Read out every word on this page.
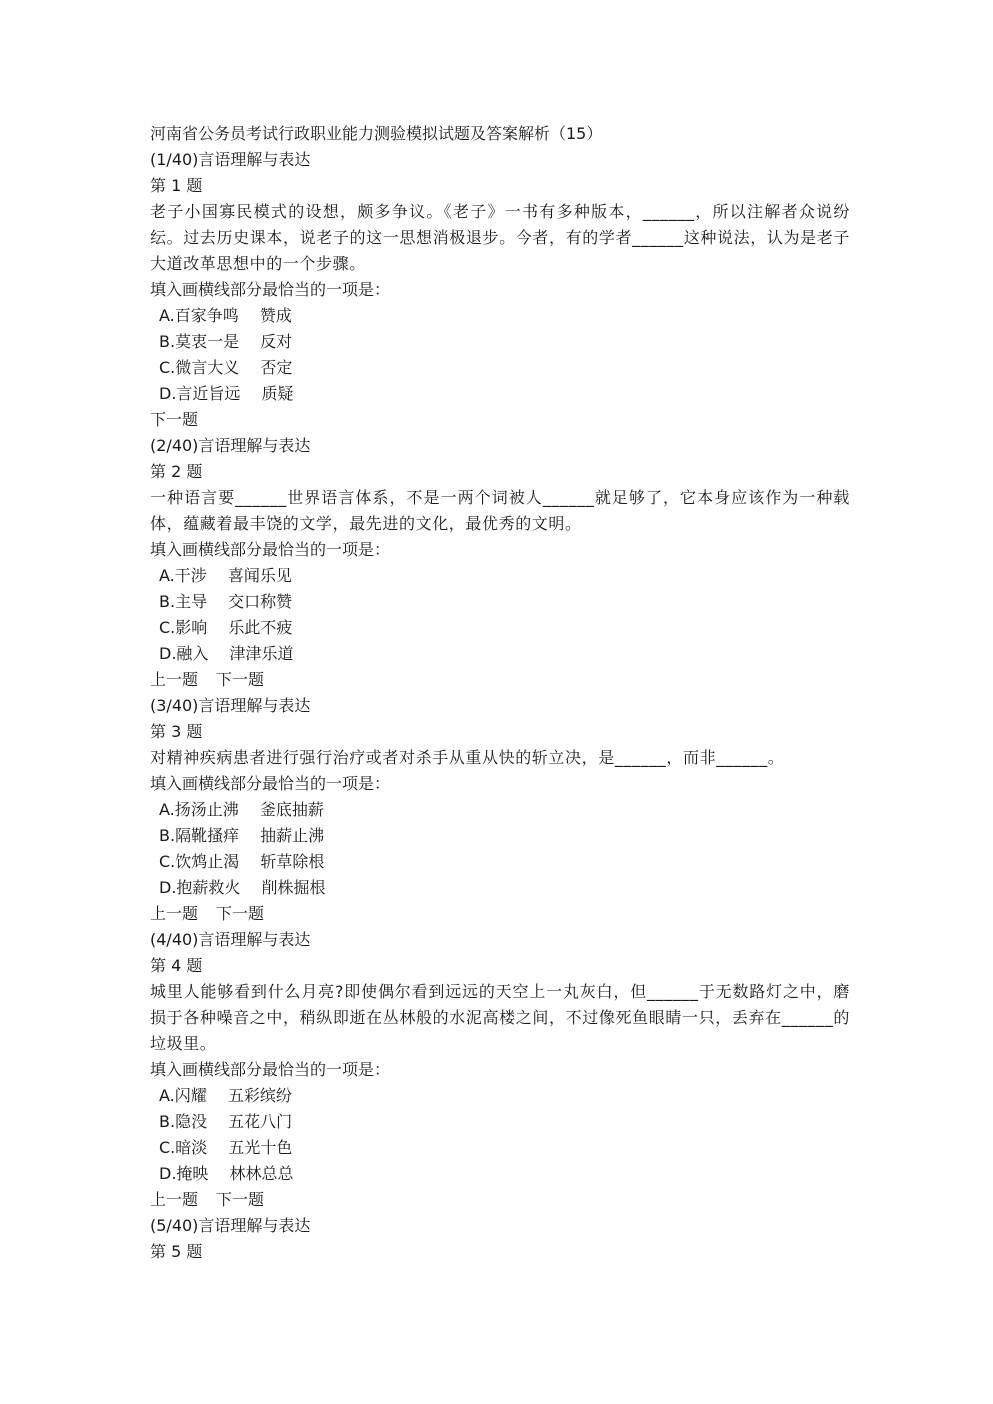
河南省公务员考试行政职业能力测验模拟试题及答案解析（15）
(1/40)言语理解与表达
第 1 题
老子小国寡民模式的设想，颇多争议。《老子》一书有多种版本，______，所以注解者众说纷纭。过去历史课本，说老子的这一思想消极退步。今者，有的学者______这种说法，认为是老子大道改革思想中的一个步骤。
填入画横线部分最恰当的一项是：
A.百家争鸣　 赞成
B.莫衷一是　 反对
C.微言大义　 否定
D.言近旨远　 质疑
下一题
(2/40)言语理解与表达
第 2 题
一种语言要______世界语言体系，不是一两个词被人______就足够了，它本身应该作为一种载体，蕴藏着最丰饶的文学，最先进的文化，最优秀的文明。
填入画横线部分最恰当的一项是：
A.干涉　 喜闻乐见
B.主导　 交口称赞
C.影响　 乐此不疲
D.融入　 津津乐道
上一题 下一题
(3/40)言语理解与表达
第 3 题
对精神疾病患者进行强行治疗或者对杀手从重从快的斩立决，是______，而非______。
填入画横线部分最恰当的一项是：
A.扬汤止沸　 釜底抽薪
B.隔靴搔痒　 抽薪止沸
C.饮鸩止渴　 斩草除根
D.抱薪救火　 削株掘根
上一题 下一题
(4/40)言语理解与表达
第 4 题
城里人能够看到什么月亮?即使偶尔看到远远的天空上一丸灰白，但______于无数路灯之中，磨损于各种噪音之中，稍纵即逝在丛林般的水泥高楼之间，不过像死鱼眼睛一只，丢弃在______的垃圾里。
填入画横线部分最恰当的一项是：
A.闪耀　 五彩缤纷
B.隐没　 五花八门
C.暗淡　 五光十色
D.掩映　 林林总总
上一题 下一题
(5/40)言语理解与表达
第 5 题
